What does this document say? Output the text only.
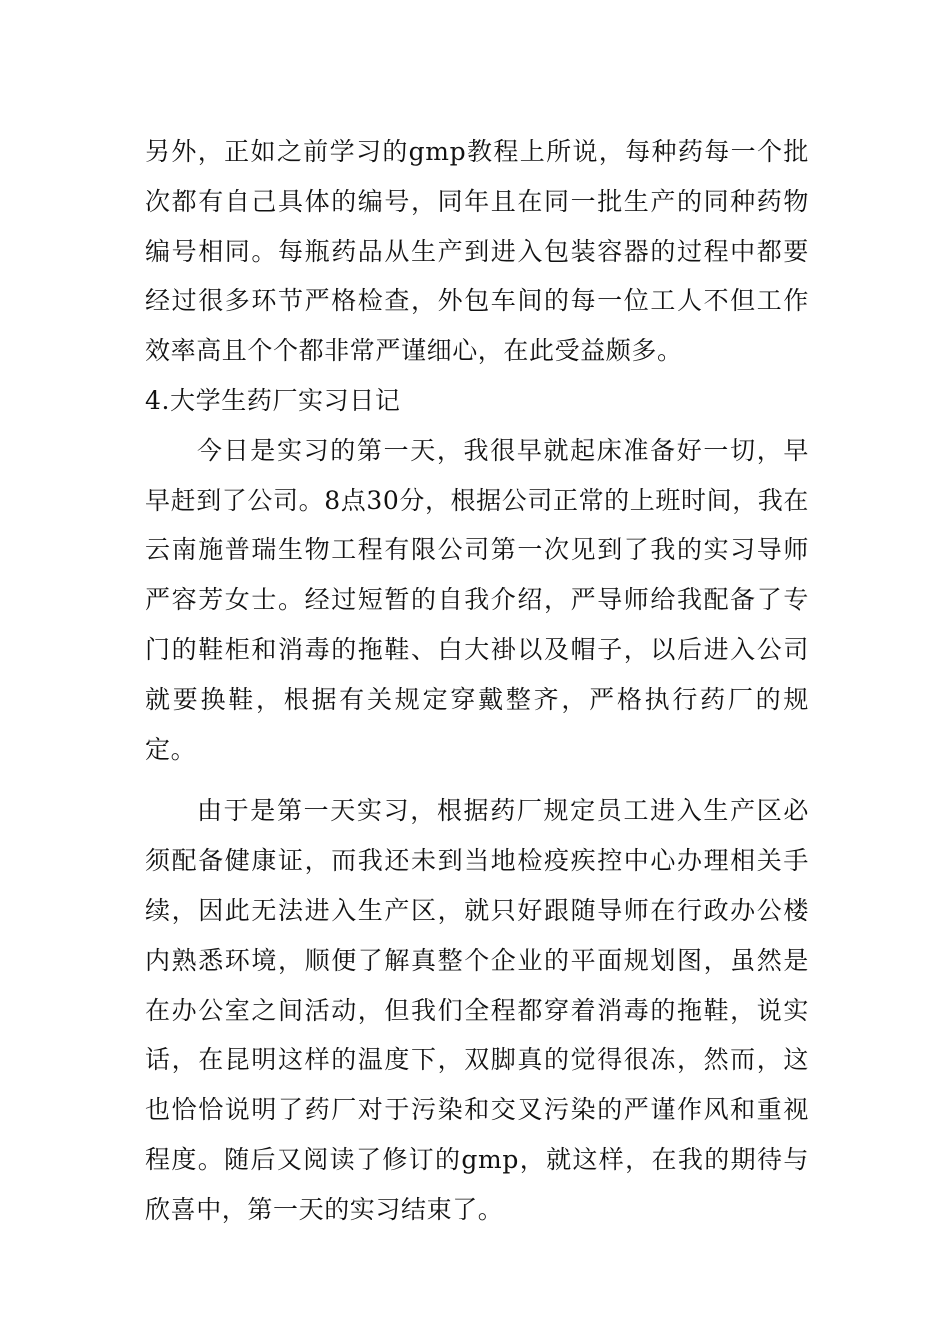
另外，正如之前学习的gmp教程上所说，每种药每一个批次都有自己具体的编号，同年且在同一批生产的同种药物编号相同。每瓶药品从生产到进入包装容器的过程中都要经过很多环节严格检查，外包车间的每一位工人不但工作效率高且个个都非常严谨细心，在此受益颇多。

4.大学生药厂实习日记

今日是实习的第一天，我很早就起床准备好一切，早早赶到了公司。8点30分，根据公司正常的上班时间，我在云南施普瑞生物工程有限公司第一次见到了我的实习导师严容芳女士。经过短暂的自我介绍，严导师给我配备了专门的鞋柜和消毒的拖鞋、白大褂以及帽子，以后进入公司就要换鞋，根据有关规定穿戴整齐，严格执行药厂的规定。

由于是第一天实习，根据药厂规定员工进入生产区必须配备健康证，而我还未到当地检疫疾控中心办理相关手续，因此无法进入生产区，就只好跟随导师在行政办公楼内熟悉环境，顺便了解真整个企业的平面规划图，虽然是在办公室之间活动，但我们全程都穿着消毒的拖鞋，说实话，在昆明这样的温度下，双脚真的觉得很冻，然而，这也恰恰说明了药厂对于污染和交叉污染的严谨作风和重视程度。随后又阅读了修订的gmp，就这样，在我的期待与欣喜中，第一天的实习结束了。
